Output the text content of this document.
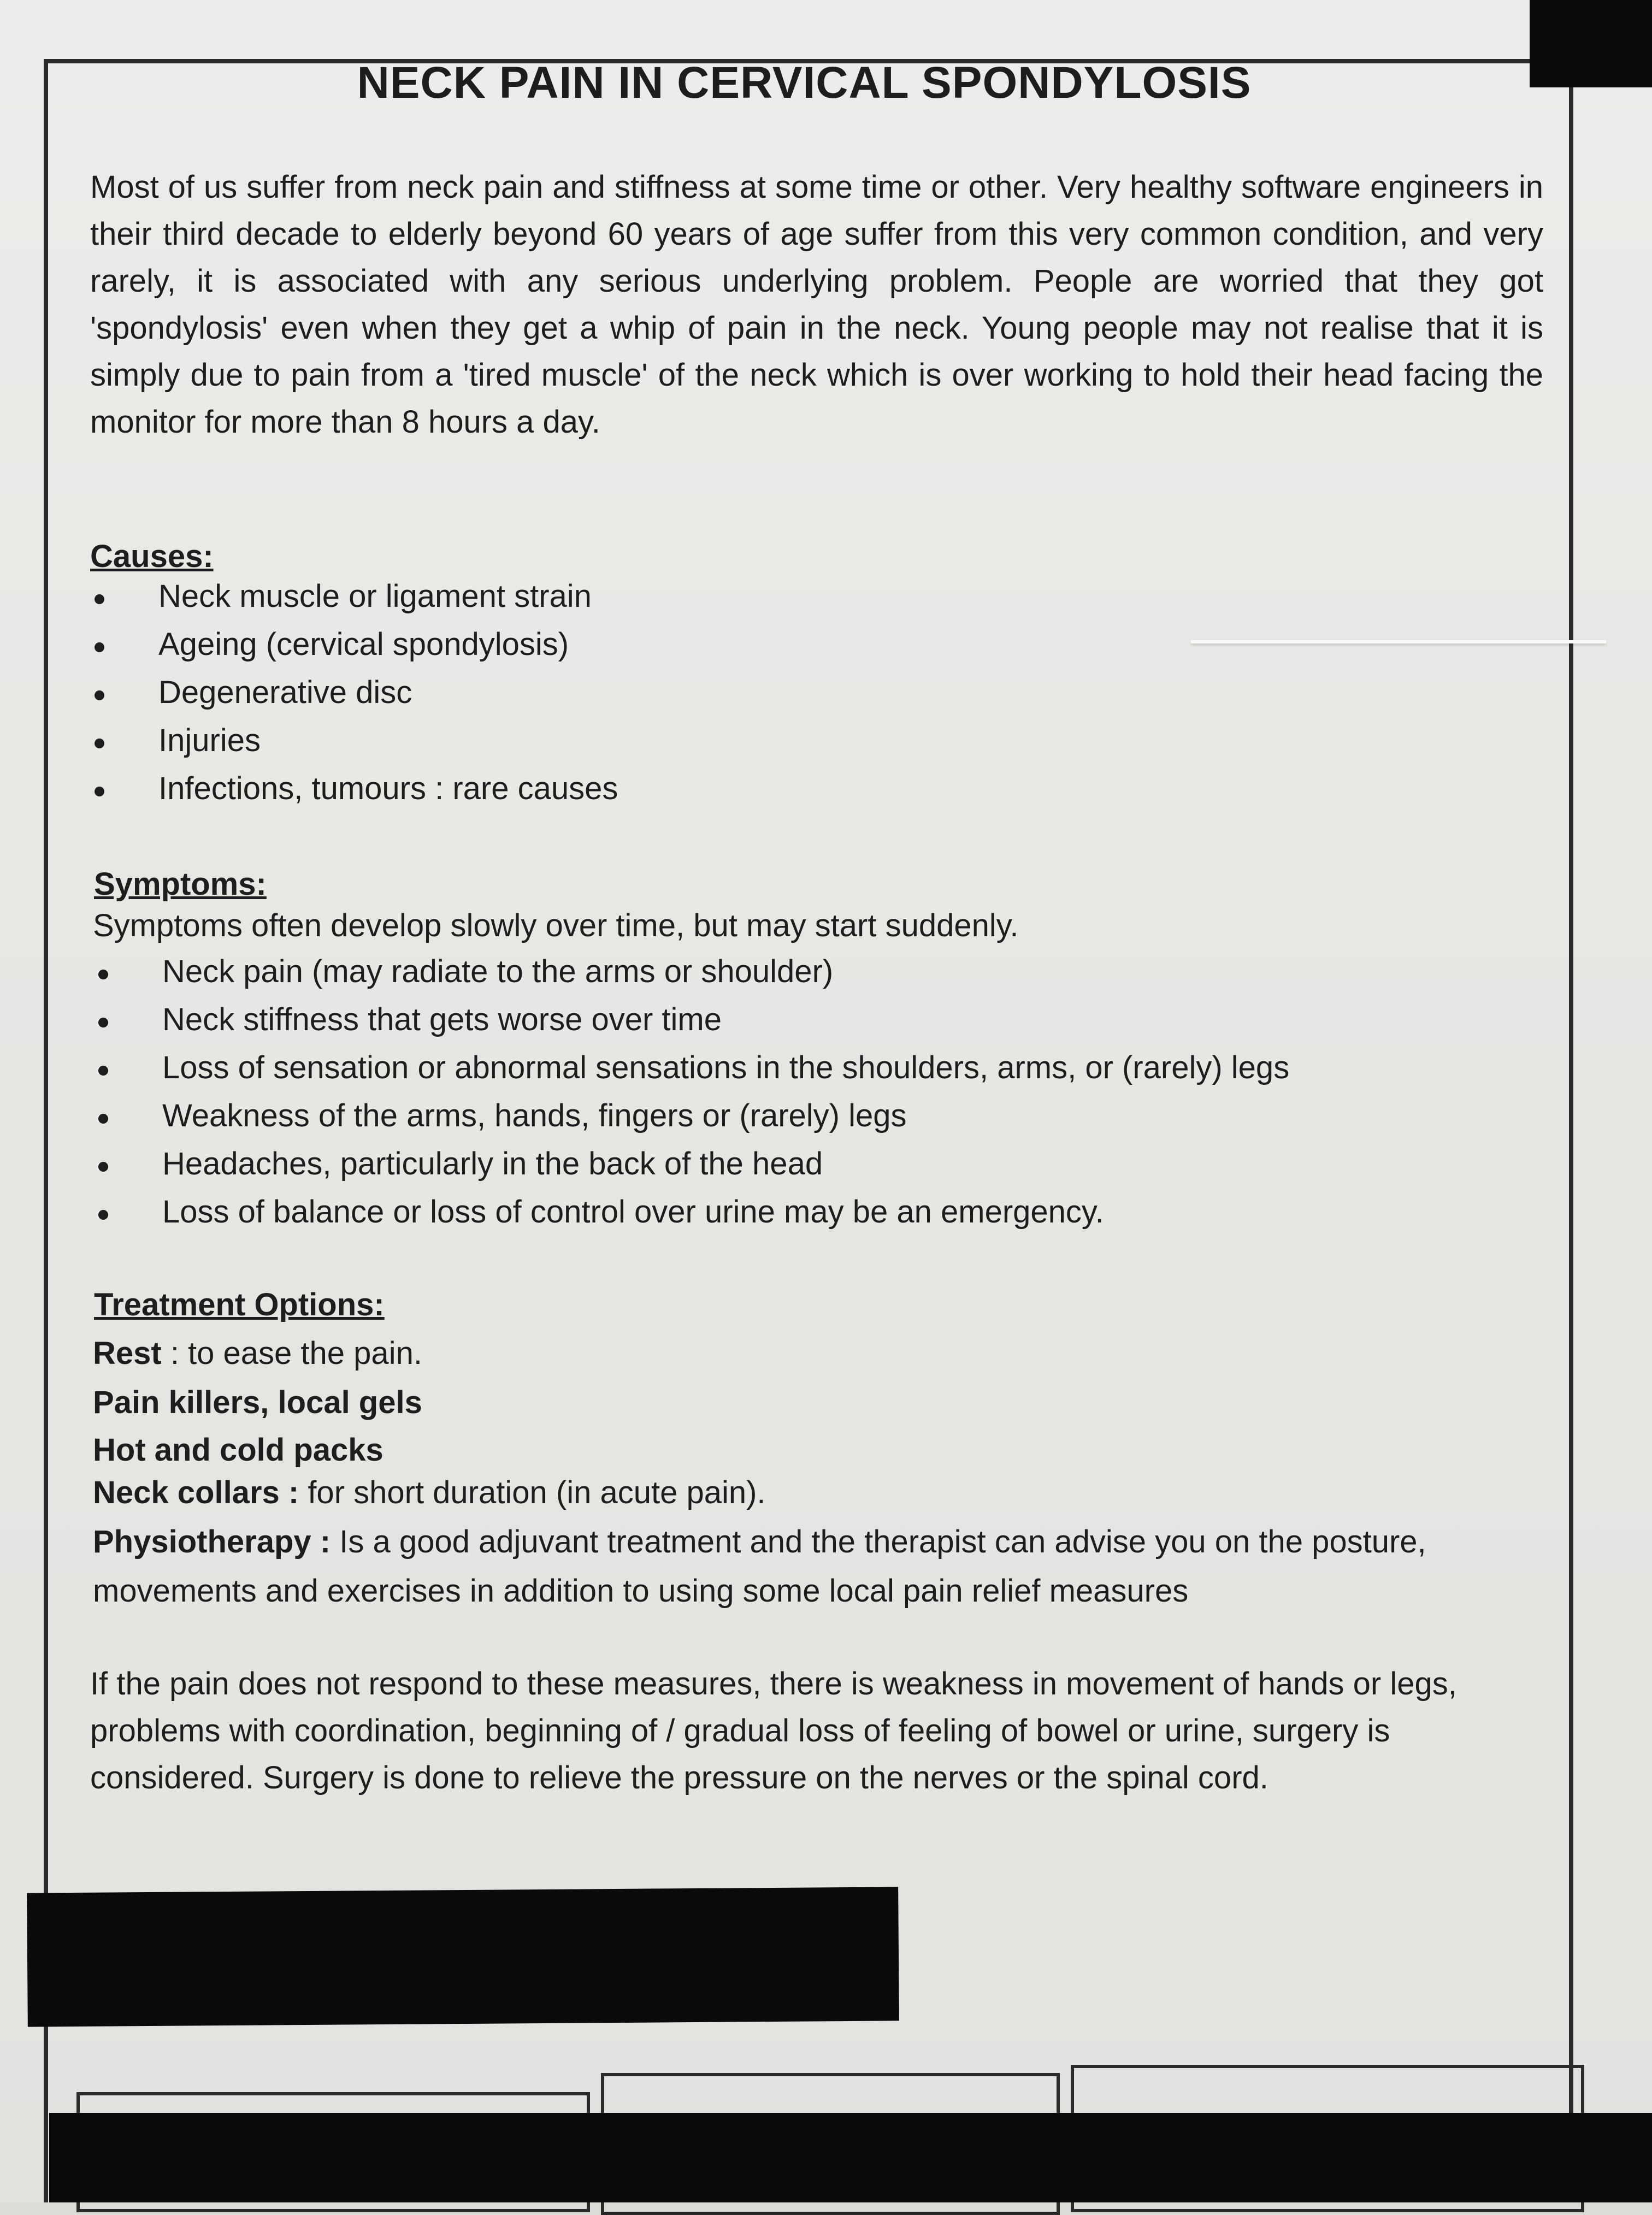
NECK PAIN IN CERVICAL SPONDYLOSIS
Most of us suffer from neck pain and stiffness at some time or other. Very healthy software engineers in their third decade to elderly beyond 60 years of age suffer from this very common condition, and very rarely, it is associated with any serious underlying problem. People are worried that they got 'spondylosis' even when they get a whip of pain in the neck. Young people may not realise that it is simply due to pain from a 'tired muscle' of the neck which is over working to hold their head facing the monitor for more than 8 hours a day.
Causes:
Neck muscle or ligament strain
Ageing (cervical spondylosis)
Degenerative disc
Injuries
Infections, tumours : rare causes
Symptoms:
Symptoms often develop slowly over time, but may start suddenly.
Neck pain (may radiate to the arms or shoulder)
Neck stiffness that gets worse over time
Loss of sensation or abnormal sensations in the shoulders, arms, or (rarely) legs
Weakness of the arms, hands, fingers or (rarely) legs
Headaches, particularly in the back of the head
Loss of balance or loss of control over urine may be an emergency.
Treatment Options:
Rest : to ease the pain.
Pain killers, local gels
Hot and cold packs
Neck collars : for short duration (in acute pain).
Physiotherapy : Is a good adjuvant treatment and the therapist can advise you on the posture,
movements and exercises in addition to using some local pain relief measures
If the pain does not respond to these measures, there is weakness in movement of hands or legs, problems with coordination, beginning of / gradual loss of feeling of bowel or urine, surgery is considered. Surgery is done to relieve the pressure on the nerves or the spinal cord.
